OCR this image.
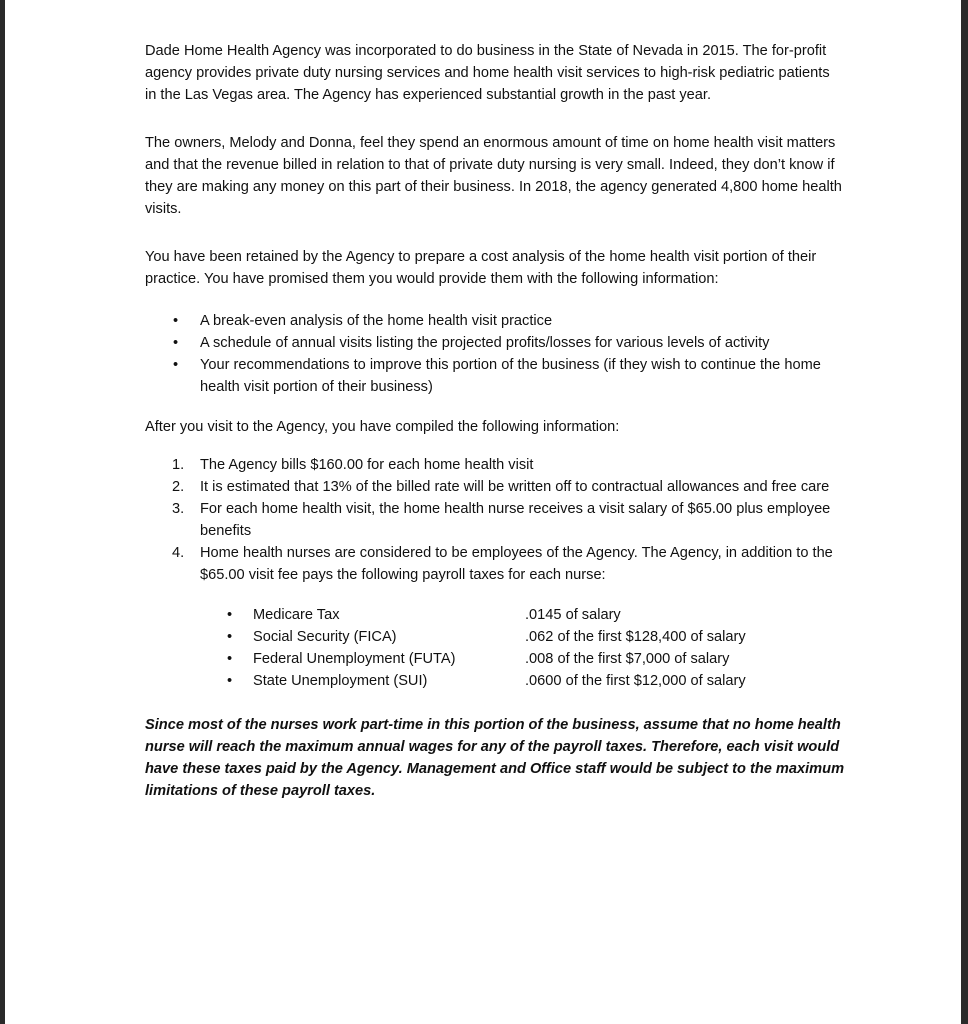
Dade Home Health Agency was incorporated to do business in the State of Nevada in 2015. The for-profit agency provides private duty nursing services and home health visit services to high-risk pediatric patients in the Las Vegas area. The Agency has experienced substantial growth in the past year.

The owners, Melody and Donna, feel they spend an enormous amount of time on home health visit matters and that the revenue billed in relation to that of private duty nursing is very small. Indeed, they don’t know if they are making any money on this part of their business. In 2018, the agency generated 4,800 home health visits.

You have been retained by the Agency to prepare a cost analysis of the home health visit portion of their practice. You have promised them you would provide them with the following information:

• A break-even analysis of the home health visit practice
• A schedule of annual visits listing the projected profits/losses for various levels of activity
• Your recommendations to improve this portion of the business (if they wish to continue the home health visit portion of their business)

After you visit to the Agency, you have compiled the following information:

1. The Agency bills $160.00 for each home health visit
2. It is estimated that 13% of the billed rate will be written off to contractual allowances and free care
3. For each home health visit, the home health nurse receives a visit salary of $65.00 plus employee benefits
4. Home health nurses are considered to be employees of the Agency. The Agency, in addition to the $65.00 visit fee pays the following payroll taxes for each nurse:
• Medicare Tax	.0145 of salary
• Social Security (FICA)	.062 of the first $128,400 of salary
• Federal Unemployment (FUTA)	.008 of the first $7,000 of salary
• State Unemployment (SUI)	.0600 of the first $12,000 of salary

Since most of the nurses work part-time in this portion of the business, assume that no home health nurse will reach the maximum annual wages for any of the payroll taxes. Therefore, each visit would have these taxes paid by the Agency. Management and Office staff would be subject to the maximum limitations of these payroll taxes.
